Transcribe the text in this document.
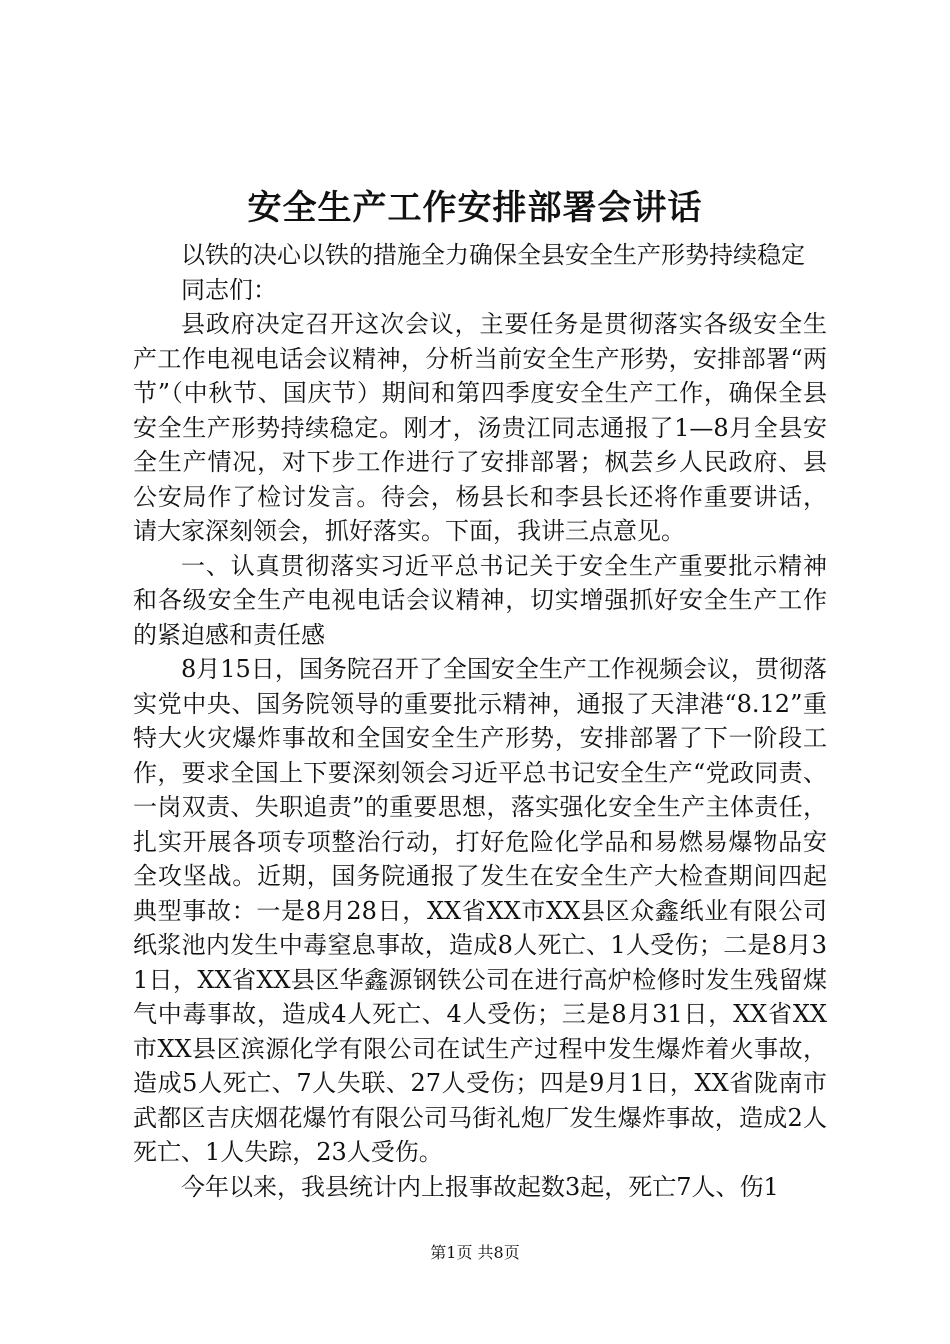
安全生产工作安排部署会讲话

以铁的决心以铁的措施全力确保全县安全生产形势持续稳定

同志们：

县政府决定召开这次会议，主要任务是贯彻落实各级安全生产工作电视电话会议精神，分析当前安全生产形势，安排部署“两节”（中秋节、国庆节）期间和第四季度安全生产工作，确保全县安全生产形势持续稳定。刚才，汤贵江同志通报了1—8月全县安全生产情况，对下步工作进行了安排部署；枫芸乡人民政府、县公安局作了检讨发言。待会，杨县长和李县长还将作重要讲话，请大家深刻领会，抓好落实。下面，我讲三点意见。

一、认真贯彻落实习近平总书记关于安全生产重要批示精神和各级安全生产电视电话会议精神，切实增强抓好安全生产工作的紧迫感和责任感

8月15日，国务院召开了全国安全生产工作视频会议，贯彻落实党中央、国务院领导的重要批示精神，通报了天津港“8.12”重特大火灾爆炸事故和全国安全生产形势，安排部署了下一阶段工作，要求全国上下要深刻领会习近平总书记安全生产“党政同责、一岗双责、失职追责”的重要思想，落实强化安全生产主体责任，扎实开展各项专项整治行动，打好危险化学品和易燃易爆物品安全攻坚战。近期，国务院通报了发生在安全生产大检查期间四起典型事故：一是8月28日，XX省XX市XX县区众鑫纸业有限公司纸浆池内发生中毒窒息事故，造成8人死亡、1人受伤；二是8月31日，XX省XX县区华鑫源钢铁公司在进行高炉检修时发生残留煤气中毒事故，造成4人死亡、4人受伤；三是8月31日，XX省XX市XX县区滨源化学有限公司在试生产过程中发生爆炸着火事故，造成5人死亡、7人失联、27人受伤；四是9月1日，XX省陇南市武都区吉庆烟花爆竹有限公司马街礼炮厂发生爆炸事故，造成2人死亡、1人失踪，23人受伤。

今年以来，我县统计内上报事故起数3起，死亡7人、伤1

第1页 共8页
